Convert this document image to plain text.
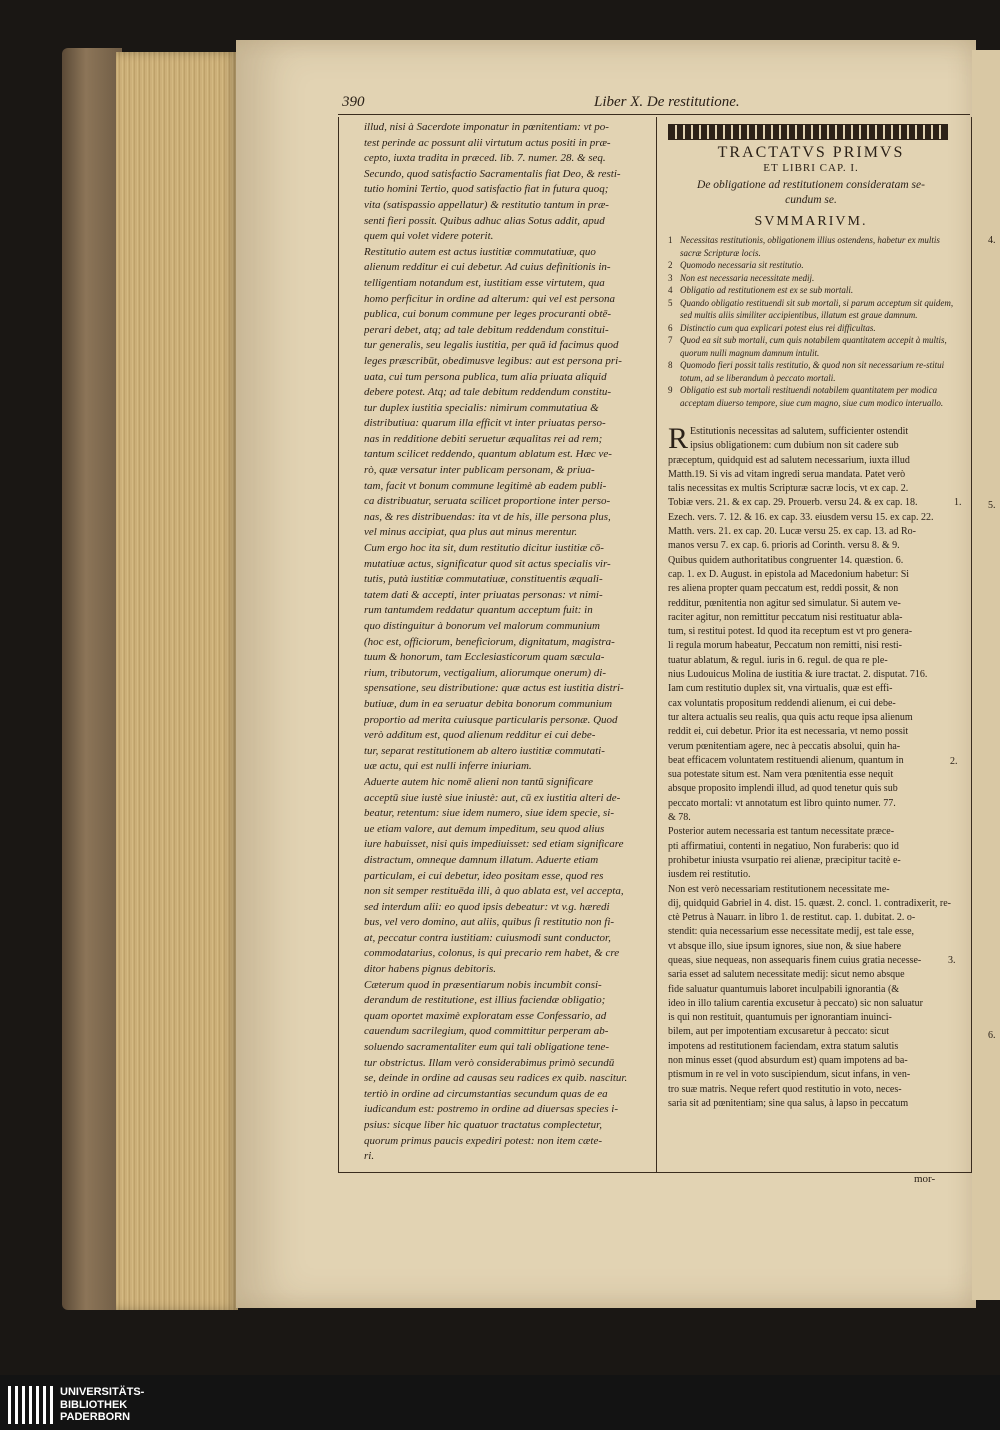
4.
5.
6.
390	Liber X. De restitutione.
illud, nisi à Sacerdote imponatur in pœnitentiam: vt po-
test perinde ac possunt alii virtutum actus positi in præ-
cepto, iuxta tradita in præced. lib. 7. numer. 28. & seq.
Secundo, quod satisfactio Sacramentalis fiat Deo, & resti-
tutio homini Tertio, quod satisfactio fiat in futura quoq;
vita (satispassio appellatur) & restitutio tantum in præ-
senti fieri possit. Quibus adhuc alias Sotus addit, apud
quem qui volet videre poterit.
Restitutio autem est actus iustitiæ commutatiuæ, quo
alienum redditur ei cui debetur. Ad cuius definitionis in-
telligentiam notandum est, iustitiam esse virtutem, qua
homo perficitur in ordine ad alterum: qui vel est persona
publica, cui bonum commune per leges procuranti obtē-
perari debet, atq; ad tale debitum reddendum constitui-
tur generalis, seu legalis iustitia, per quā id facimus quod
leges præscribūt, obedimusve legibus: aut est persona pri-
uata, cui tum persona publica, tum alia priuata aliquid
debere potest. Atq; ad tale debitum reddendum constitu-
tur duplex iustitia specialis: nimirum commutatiua &
distributiua: quarum illa efficit vt inter priuatas perso-
nas in redditione debiti seruetur æqualitas rei ad rem;
tantum scilicet reddendo, quantum ablatum est. Hæc ve-
rò, quæ versatur inter publicam personam, & priua-
tam, facit vt bonum commune legitimè ab eadem publi-
ca distribuatur, seruata scilicet proportione inter perso-
nas, & res distribuendas: ita vt de his, ille persona plus,
vel minus accipiat, qua plus aut minus merentur.
Cum ergo hoc ita sit, dum restitutio dicitur iustitiæ cō-
mutatiuæ actus, significatur quod sit actus specialis vir-
tutis, putà iustitiæ commutatiuæ, constituentis æquali-
tatem dati & accepti, inter priuatas personas: vt nimi-
rum tantumdem reddatur quantum acceptum fuit: in
quo distinguitur à bonorum vel malorum communium
(hoc est, officiorum, beneficiorum, dignitatum, magistra-
tuum & honorum, tam Ecclesiasticorum quam sæcula-
rium, tributorum, vectigalium, aliorumque onerum) di-
spensatione, seu distributione: quæ actus est iustitia distri-
butiuæ, dum in ea seruatur debita bonorum communium
proportio ad merita cuiusque particularis personæ. Quod
verò additum est, quod alienum redditur ei cui debe-
tur, separat restitutionem ab altero iustitiæ commutati-
uæ actu, qui est nulli inferre iniuriam.
Aduerte autem hic nomē alieni non tantū significare
acceptū siue iustè siue iniustè: aut, cū ex iustitia alteri de-
beatur, retentum: siue idem numero, siue idem specie, si-
ue etiam valore, aut demum impeditum, seu quod alius
iure habuisset, nisi quis impediuisset: sed etiam significare
distractum, omneque damnum illatum. Aduerte etiam
particulam, ei cui debetur, ideo positam esse, quod res
non sit semper restituēda illi, à quo ablata est, vel accepta,
sed interdum alii: eo quod ipsis debeatur: vt v.g. hæredi
bus, vel vero domino, aut aliis, quibus ſi restitutio non fi-
at, peccatur contra iustitiam: cuiusmodi sunt conductor,
commodatarius, colonus, is qui precario rem habet, & cre
ditor habens pignus debitoris.
Cæterum quod in præsentiarum nobis incumbit consi-
derandum de restitutione, est illius faciendæ obligatio;
quam oportet maximè exploratam esse Confessario, ad
cauendum sacrilegium, quod committitur perperam ab-
soluendo sacramentaliter eum qui tali obligatione tene-
tur obstrictus. Illam verò considerabimus primò secundū
se, deinde in ordine ad causas seu radices ex quib. nascitur.
tertiò in ordine ad circumstantias secundum quas de ea
iudicandum est: postremo in ordine ad diuersas species i-
psius: sicque liber hic quatuor tractatus complectetur,
quorum primus paucis expediri potest: non item cæte-
ri.
TRACTATVS PRIMVS
ET LIBRI CAP. I.
De obligatione ad restitutionem consideratam se-
cundum se.
SVMMARIVM.
1 Necessitas restitutionis, obligationem illius ostendens, habetur ex multis sacræ Scripturæ locis.
2 Quomodo necessaria sit restitutio.
3 Non est necessaria necessitate medij.
4 Obligatio ad restitutionem est ex se sub mortali.
5 Quando obligatio restituendi sit sub mortali, si parum acceptum sit quidem, sed multis aliis similiter accipientibus, illatum est graue damnum.
6 Distinctio cum qua explicari potest eius rei difficultas.
7 Quod ea sit sub mortali, cum quis notabilem quantitatem accepit à multis, quorum nulli magnum damnum intulit.
8 Quomodo fieri possit talis restitutio, & quod non sit necessarium re-stitui totum, ad se liberandum à peccato mortali.
9 Obligatio est sub mortali restituendi notabilem quantitatem per modica acceptam diuerso tempore, siue cum magno, siue cum modico interuallo.
R Estitutionis necessitas ad salutem, sufficienter ostendit
ipsius obligationem: cum dubium non sit cadere sub
præceptum, quidquid est ad salutem necessarium, iuxta illud
Matth.19. Si vis ad vitam ingredi serua mandata. Patet verò
talis necessitas ex multis Scripturæ sacræ locis, vt ex cap. 2.
Tobiæ vers. 21. & ex cap. 29. Prouerb. versu 24. & ex cap. 18.
Ezech. vers. 7. 12. & 16. ex cap. 33. eiusdem versu 15. ex cap. 22.
Matth. vers. 21. ex cap. 20. Lucæ versu 25. ex cap. 13. ad Ro-
manos versu 7. ex cap. 6. prioris ad Corinth. versu 8. & 9.
Quibus quidem authoritatibus congruenter 14. quæstion. 6.
cap. 1. ex D. August. in epistola ad Macedonium habetur: Si
res aliena propter quam peccatum est, reddi possit, & non
redditur, pœnitentia non agitur sed simulatur. Si autem ve-
raciter agitur, non remittitur peccatum nisi restituatur abla-
tum, si restitui potest. Id quod ita receptum est vt pro genera-
li regula morum habeatur, Peccatum non remitti, nisi resti-
tuatur ablatum, & regul. iuris in 6. regul. de qua re ple-
nius Ludouicus Molina de iustitia & iure tractat. 2. disputat. 716.
Iam cum restitutio duplex sit, vna virtualis, quæ est effi-
cax voluntatis propositum reddendi alienum, ei cui debe-
tur altera actualis seu realis, qua quis actu reque ipsa alienum
reddit ei, cui debetur. Prior ita est necessaria, vt nemo possit
verum pœnitentiam agere, nec à peccatis absolui, quin ha-
beat efficacem voluntatem restituendi alienum, quantum in
sua potestate situm est. Nam vera pœnitentia esse nequit
absque proposito implendi illud, ad quod tenetur quis sub
peccato mortali: vt annotatum est libro quinto numer. 77.
& 78.
Posterior autem necessaria est tantum necessitate præce-
pti affirmatiui, contenti in negatiuo, Non furaberis: quo id
prohibetur iniusta vsurpatio rei alienæ, præcipitur tacitè e-
iusdem rei restitutio.
Non est verò necessariam restitutionem necessitate me-
dij, quidquid Gabriel in 4. dist. 15. quæst. 2. concl. 1. contradixerit, re-
ctè Petrus à Nauarr. in libro 1. de restitut. cap. 1. dubitat. 2. o-
stendit: quia necessarium esse necessitate medij, est tale esse,
vt absque illo, siue ipsum ignores, siue non, & siue habere
queas, siue nequeas, non assequaris finem cuius gratia necesse-
saria esset ad salutem necessitate medij: sicut nemo absque
fide saluatur quantumuis laboret inculpabili ignorantia (&
ideo in illo talium carentia excusetur à peccato) sic non saluatur
is qui non restituit, quantumuis per ignorantiam inuinci-
bilem, aut per impotentiam excusaretur à peccato: sicut
impotens ad restitutionem faciendam, extra statum salutis
non minus esset (quod absurdum est) quam impotens ad ba-
ptismum in re vel in voto suscipiendum, sicut infans, in ven-
tro suæ matris. Neque refert quod restitutio in voto, neces-
saria sit ad pœnitentiam; sine qua salus, à lapso in peccatum
1.
2.
3.
mor-
UNIVERSITÄTS-
BIBLIOTHEK
PADERBORN
